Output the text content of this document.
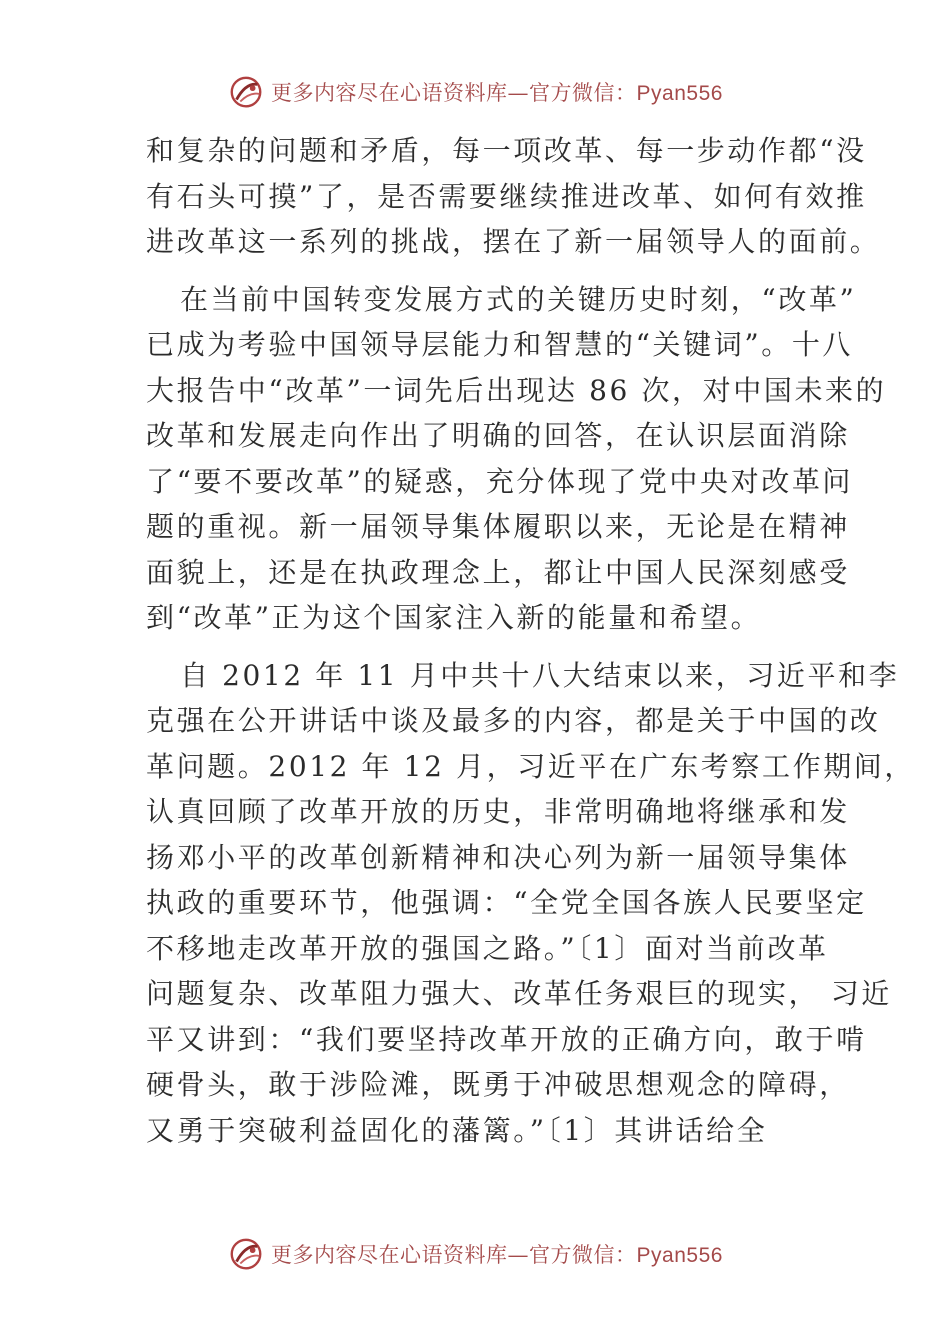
更多内容尽在心语资料库—官方微信：Pyan556
和复杂的问题和矛盾，每一项改革、每一步动作都“没
有石头可摸”了，是否需要继续推进改革、如何有效推
进改革这一系列的挑战，摆在了新一届领导人的面前。
在当前中国转变发展方式的关键历史时刻，“改革”
已成为考验中国领导层能力和智慧的“关键词”。十八
大报告中“改革”一词先后出现达 86 次，对中国未来的
改革和发展走向作出了明确的回答，在认识层面消除
了“要不要改革”的疑惑，充分体现了党中央对改革问
题的重视。新一届领导集体履职以来，无论是在精神
面貌上，还是在执政理念上，都让中国人民深刻感受
到“改革”正为这个国家注入新的能量和希望。
自 2012 年 11 月中共十八大结束以来，习近平和李
克强在公开讲话中谈及最多的内容，都是关于中国的改
革问题。2012 年 12 月，习近平在广东考察工作期间，
认真回顾了改革开放的历史，非常明确地将继承和发
扬邓小平的改革创新精神和决心列为新一届领导集体
执政的重要环节，他强调：“全党全国各族人民要坚定
不移地走改革开放的强国之路。”〔1〕面对当前改革
问题复杂、改革阻力强大、改革任务艰巨的现实， 习近
平又讲到：“我们要坚持改革开放的正确方向，敢于啃
硬骨头，敢于涉险滩，既勇于冲破思想观念的障碍，
又勇于突破利益固化的藩篱。”〔1〕其讲话给全
更多内容尽在心语资料库—官方微信：Pyan556
